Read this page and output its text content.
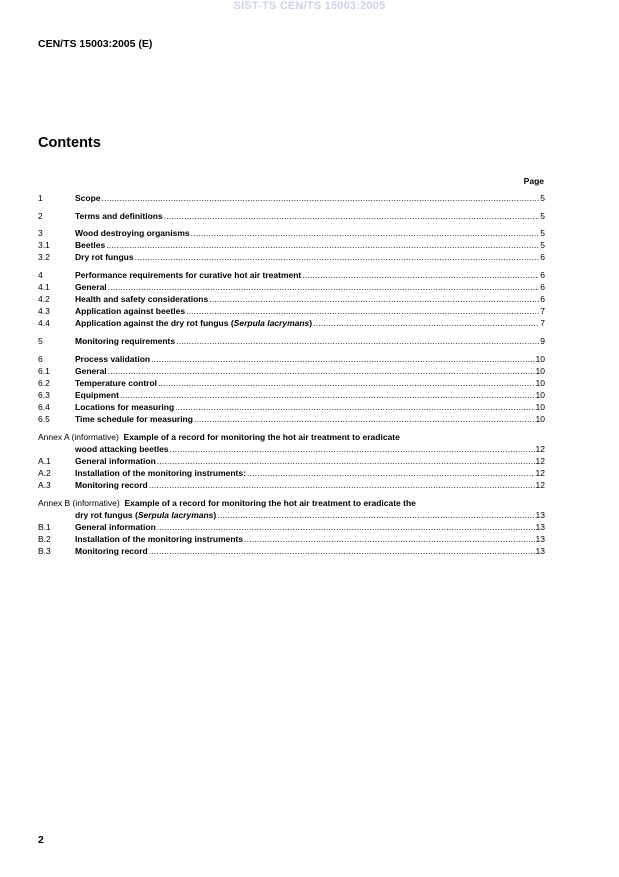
SIST-TS CEN/TS 15003:2005
CEN/TS 15003:2005 (E)
Contents
Page
1	Scope .....	5
2	Terms and definitions .....	5
3	Wood destroying organisms .....	5
3.1	Beetles .....	5
3.2	Dry rot fungus .....	6
4	Performance requirements for curative hot air treatment .....	6
4.1	General .....	6
4.2	Health and safety considerations .....	6
4.3	Application against beetles .....	7
4.4	Application against the dry rot fungus (Serpula lacrymans) .....	7
5	Monitoring requirements .....	9
6	Process validation .....	10
6.1	General .....	10
6.2	Temperature control .....	10
6.3	Equipment .....	10
6.4	Locations for measuring .....	10
6.5	Time schedule for measuring .....	10
Annex A (informative) Example of a record for monitoring the hot air treatment to eradicate
wood attacking beetles .....	12
A.1	General information .....	12
A.2	Installation of the monitoring instruments: .....	12
A.3	Monitoring record .....	12
Annex B (informative) Example of a record for monitoring the hot air treatment to eradicate the
dry rot fungus (Serpula lacrymans) .....	13
B.1	General information .....	13
B.2	Installation of the monitoring instruments .....	13
B.3	Monitoring record .....	13
2
